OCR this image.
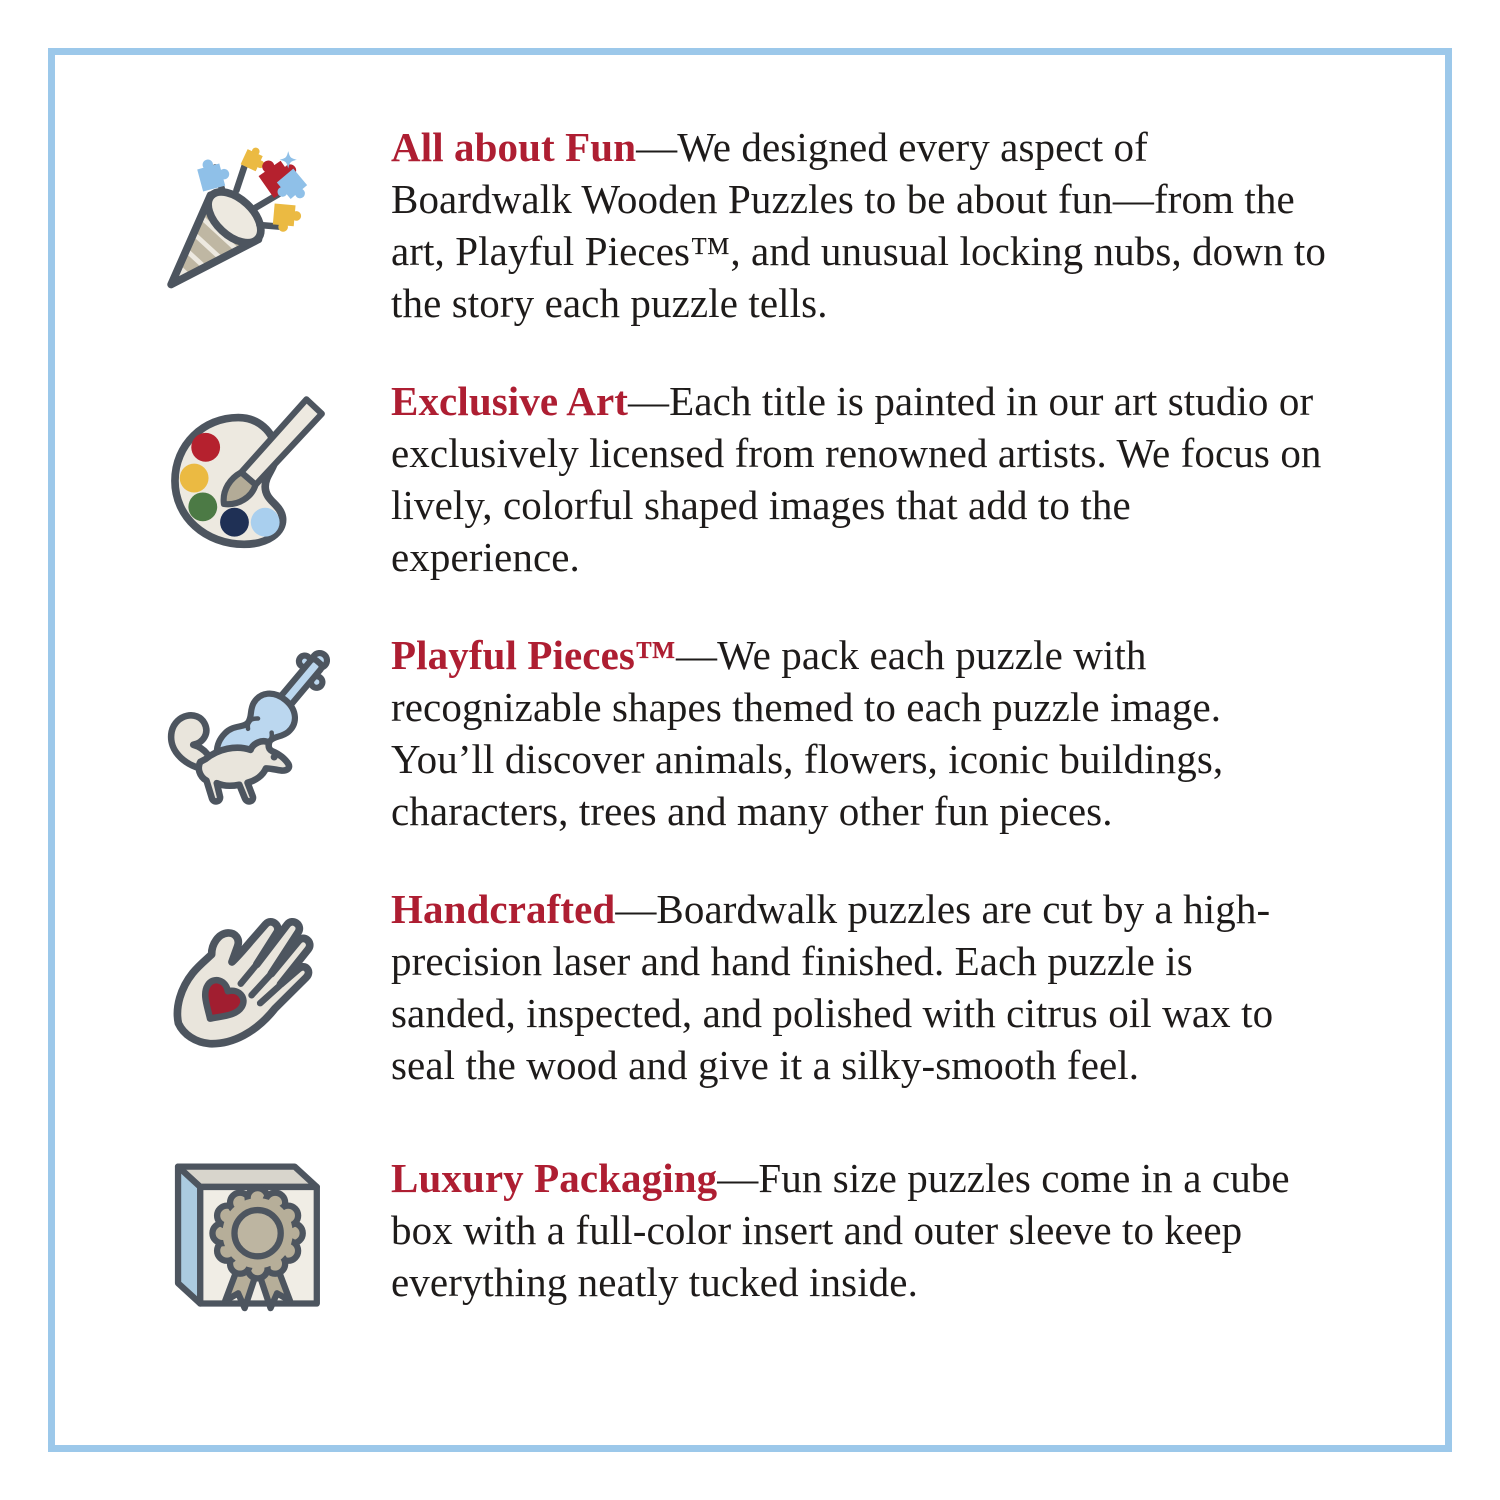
All about Fun—We designed every aspect of Boardwalk Wooden Puzzles to be about fun—from the art, Playful Pieces™, and unusual locking nubs, down to the story each puzzle tells.
Exclusive Art—Each title is painted in our art studio or exclusively licensed from renowned artists. We focus on lively, colorful shaped images that add to the experience.
Playful Pieces™—We pack each puzzle with recognizable shapes themed to each puzzle image. You’ll discover animals, flowers, iconic buildings, characters, trees and many other fun pieces.
Handcrafted—Boardwalk puzzles are cut by a high-precision laser and hand finished. Each puzzle is sanded, inspected, and polished with citrus oil wax to seal the wood and give it a silky-smooth feel.
Luxury Packaging—Fun size puzzles come in a cube box with a full-color insert and outer sleeve to keep everything neatly tucked inside.
